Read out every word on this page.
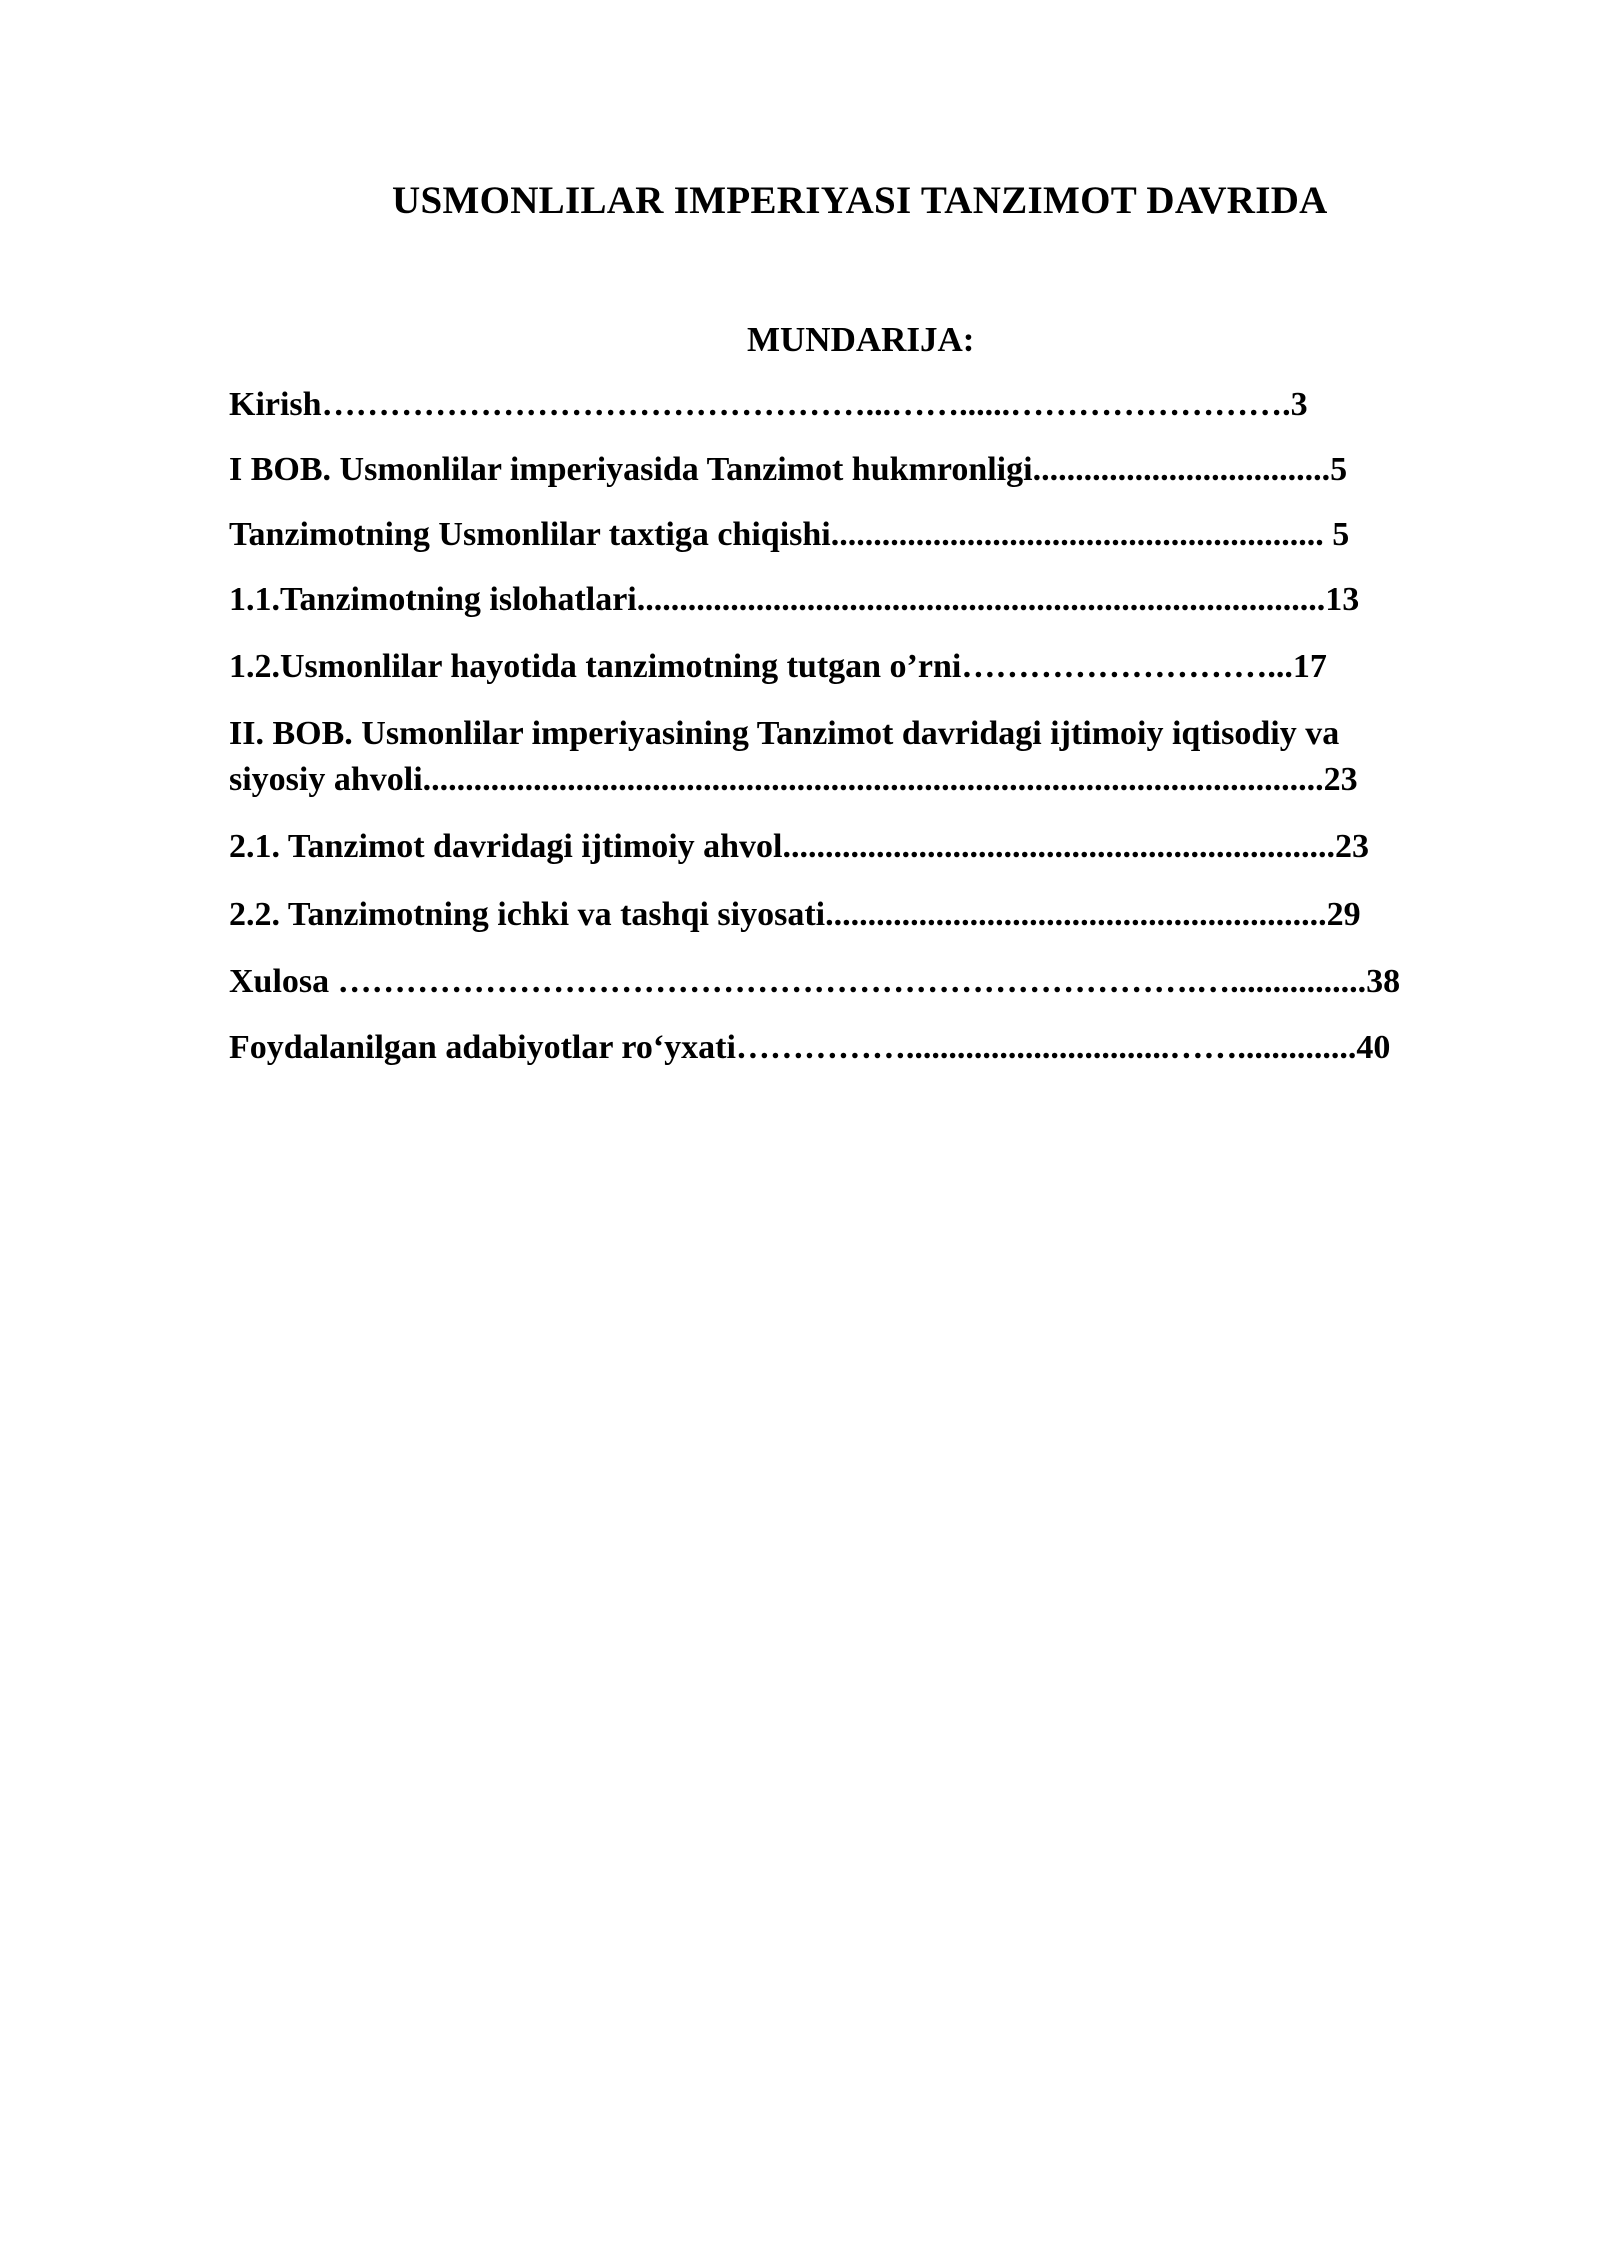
USMONLILAR IMPERIYASI TANZIMOT DAVRIDA
MUNDARIJA:
Kirish…………………………………………...……......…………………….3
I BOB. Usmonlilar imperiyasida Tanzimot hukmronligi...................................5
Tanzimotning Usmonlilar taxtiga chiqishi.......................................................... 5
1.1.Tanzimotning islohatlari.................................................................................13
1.2.Usmonlilar hayotida tanzimotning tutgan o’rni………………………...17
II. BOB. Usmonlilar imperiyasining Tanzimot davridagi ijtimoiy iqtisodiy va
siyosiy ahvoli..........................................................................................................23
2.1. Tanzimot davridagi ijtimoiy ahvol.................................................................23
2.2. Tanzimotning ichki va tashqi siyosati...........................................................29
Xulosa ………………………………………………………………….…................38
Foydalanilgan adabiyotlar ro‘yxati……………...............................……..............40
